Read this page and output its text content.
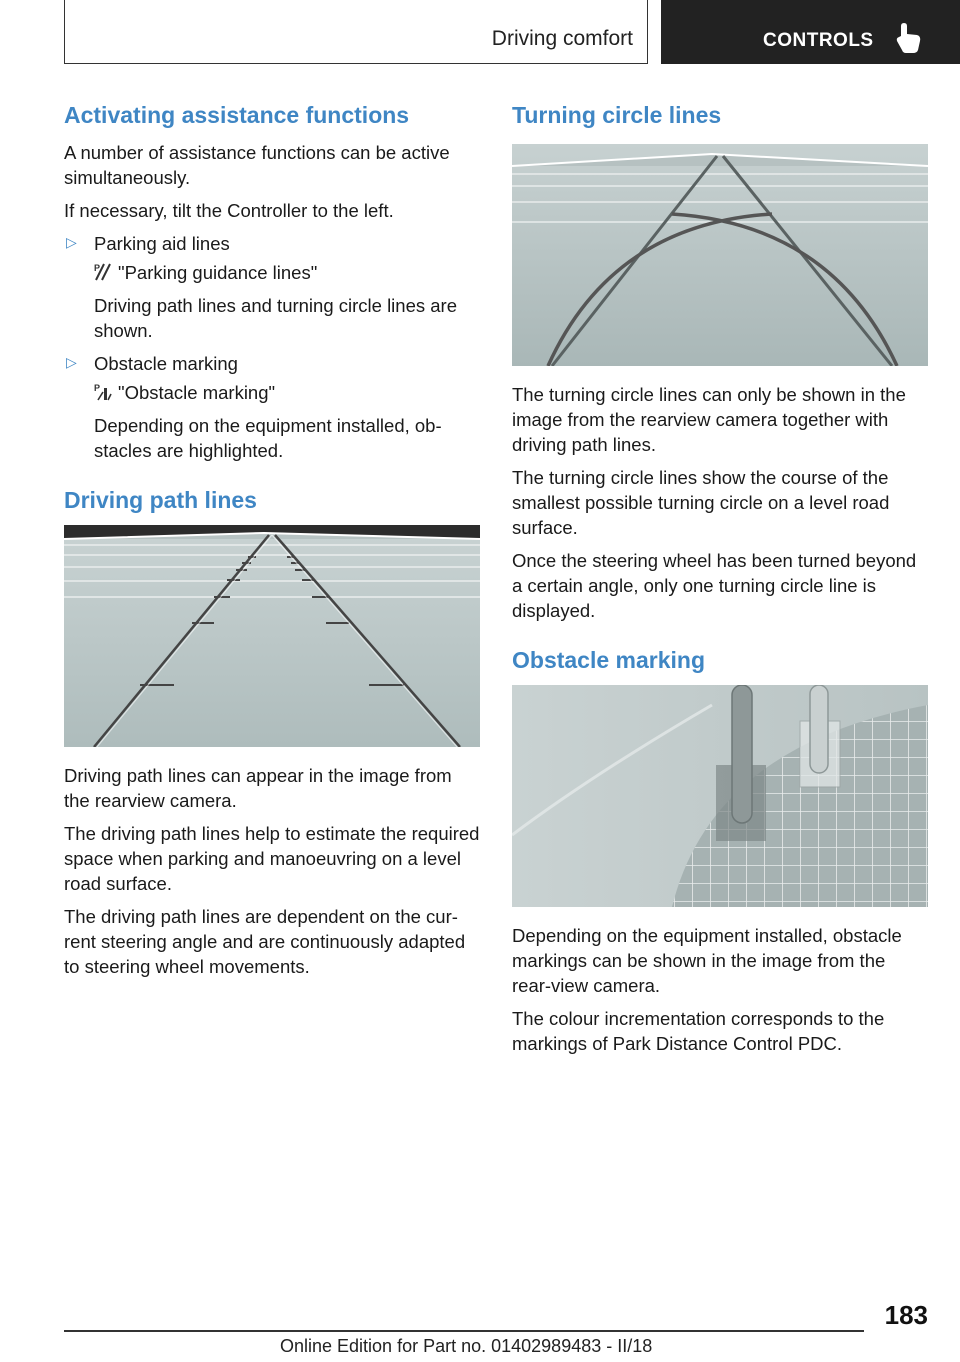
Driving comfort	CONTROLS
Activating assistance functions

A number of assistance functions can be active simultaneously.

If necessary, tilt the Controller to the left.

▷ Parking aid lines

P "Parking guidance lines"

Driving path lines and turning circle lines are shown.

▷ Obstacle marking

P "Obstacle marking"

Depending on the equipment installed, obstacles are highlighted.

Driving path lines

Driving path lines can appear in the image from the rearview camera.

The driving path lines help to estimate the required space when parking and manoeuvring on a level road surface.

The driving path lines are dependent on the current steering angle and are continuously adapted to steering wheel movements.

Turning circle lines

The turning circle lines can only be shown in the image from the rearview camera together with driving path lines.

The turning circle lines show the course of the smallest possible turning circle on a level road surface.

Once the steering wheel has been turned beyond a certain angle, only one turning circle line is displayed.

Obstacle marking

Depending on the equipment installed, obstacle markings can be shown in the image from the rear-view camera.

The colour incrementation corresponds to the markings of Park Distance Control PDC.

183
Online Edition for Part no. 01402989483 - II/18
